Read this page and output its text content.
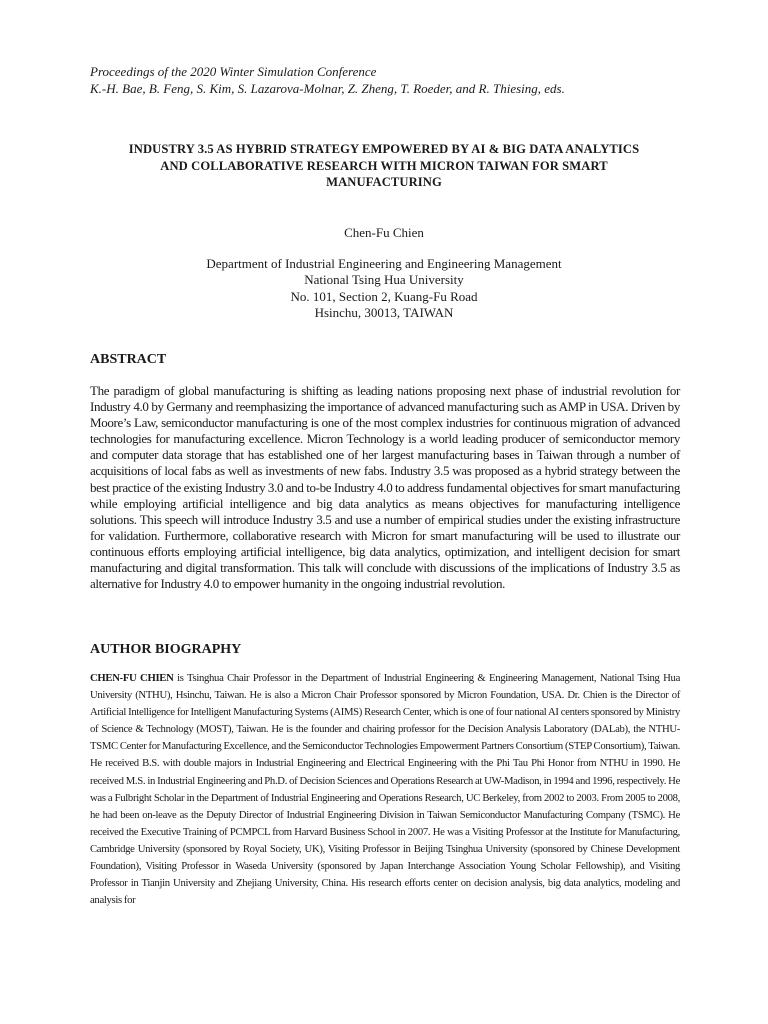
Proceedings of the 2020 Winter Simulation Conference
K.-H. Bae, B. Feng, S. Kim, S. Lazarova-Molnar, Z. Zheng, T. Roeder, and R. Thiesing, eds.
INDUSTRY 3.5 AS HYBRID STRATEGY EMPOWERED BY AI & BIG DATA ANALYTICS
AND COLLABORATIVE RESEARCH WITH MICRON TAIWAN FOR SMART
MANUFACTURING
Chen-Fu Chien
Department of Industrial Engineering and Engineering Management
National Tsing Hua University
No. 101, Section 2, Kuang-Fu Road
Hsinchu, 30013, TAIWAN
ABSTRACT
The paradigm of global manufacturing is shifting as leading nations proposing next phase of industrial revolution for Industry 4.0 by Germany and reemphasizing the importance of advanced manufacturing such as AMP in USA. Driven by Moore’s Law, semiconductor manufacturing is one of the most complex industries for continuous migration of advanced technologies for manufacturing excellence. Micron Technology is a world leading producer of semiconductor memory and computer data storage that has established one of her largest manufacturing bases in Taiwan through a number of acquisitions of local fabs as well as investments of new fabs. Industry 3.5 was proposed as a hybrid strategy between the best practice of the existing Industry 3.0 and to-be Industry 4.0 to address fundamental objectives for smart manufacturing while employing artificial intelligence and big data analytics as means objectives for manufacturing intelligence solutions. This speech will introduce Industry 3.5 and use a number of empirical studies under the existing infrastructure for validation. Furthermore, collaborative research with Micron for smart manufacturing will be used to illustrate our continuous efforts employing artificial intelligence, big data analytics, optimization, and intelligent decision for smart manufacturing and digital transformation. This talk will conclude with discussions of the implications of Industry 3.5 as alternative for Industry 4.0 to empower humanity in the ongoing industrial revolution.
AUTHOR BIOGRAPHY
CHEN-FU CHIEN is Tsinghua Chair Professor in the Department of Industrial Engineering & Engineering Management, National Tsing Hua University (NTHU), Hsinchu, Taiwan. He is also a Micron Chair Professor sponsored by Micron Foundation, USA. Dr. Chien is the Director of Artificial Intelligence for Intelligent Manufacturing Systems (AIMS) Research Center, which is one of four national AI centers sponsored by Ministry of Science & Technology (MOST), Taiwan. He is the founder and chairing professor for the Decision Analysis Laboratory (DALab), the NTHU-TSMC Center for Manufacturing Excellence, and the Semiconductor Technologies Empowerment Partners Consortium (STEP Consortium), Taiwan. He received B.S. with double majors in Industrial Engineering and Electrical Engineering with the Phi Tau Phi Honor from NTHU in 1990. He received M.S. in Industrial Engineering and Ph.D. of Decision Sciences and Operations Research at UW-Madison, in 1994 and 1996, respectively. He was a Fulbright Scholar in the Department of Industrial Engineering and Operations Research, UC Berkeley, from 2002 to 2003. From 2005 to 2008, he had been on-leave as the Deputy Director of Industrial Engineering Division in Taiwan Semiconductor Manufacturing Company (TSMC). He received the Executive Training of PCMPCL from Harvard Business School in 2007. He was a Visiting Professor at the Institute for Manufacturing, Cambridge University (sponsored by Royal Society, UK), Visiting Professor in Beijing Tsinghua University (sponsored by Chinese Development Foundation), Visiting Professor in Waseda University (sponsored by Japan Interchange Association Young Scholar Fellowship), and Visiting Professor in Tianjin University and Zhejiang University, China. His research efforts center on decision analysis, big data analytics, modeling and analysis for
